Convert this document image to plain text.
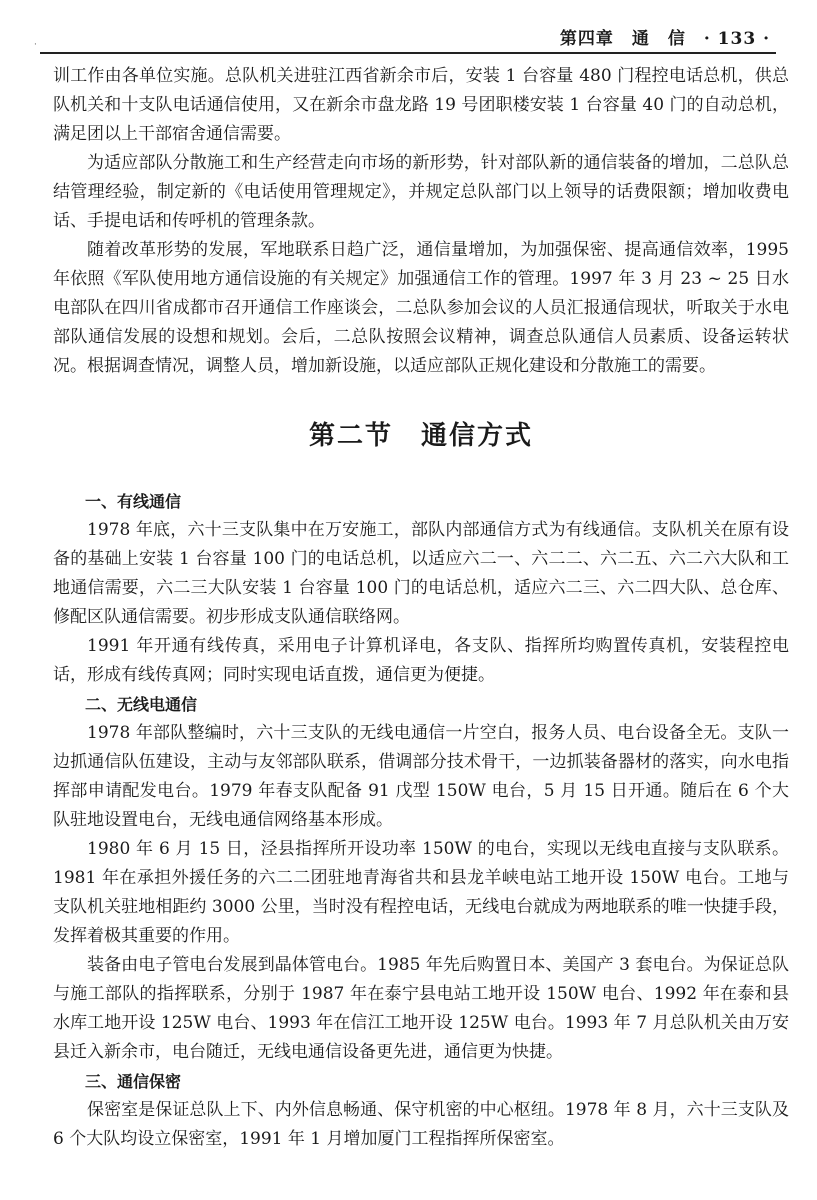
·	第四章　通　信　· 133 ·

训工作由各单位实施。总队机关进驻江西省新余市后，安装 1 台容量 480 门程控电话总机，供总队机关和十支队电话通信使用，又在新余市盘龙路 19 号团职楼安装 1 台容量 40 门的自动总机，满足团以上干部宿舍通信需要。

为适应部队分散施工和生产经营走向市场的新形势，针对部队新的通信装备的增加，二总队总结管理经验，制定新的《电话使用管理规定》，并规定总队部门以上领导的话费限额；增加收费电话、手提电话和传呼机的管理条款。

随着改革形势的发展，军地联系日趋广泛，通信量增加，为加强保密、提高通信效率，1995 年依照《军队使用地方通信设施的有关规定》加强通信工作的管理。1997 年 3 月 23 ~ 25 日水电部队在四川省成都市召开通信工作座谈会，二总队参加会议的人员汇报通信现状，听取关于水电部队通信发展的设想和规划。会后，二总队按照会议精神，调查总队通信人员素质、设备运转状况。根据调查情况，调整人员，增加新设施，以适应部队正规化建设和分散施工的需要。

第二节　通信方式
一、有线通信

1978 年底，六十三支队集中在万安施工，部队内部通信方式为有线通信。支队机关在原有设备的基础上安装 1 台容量 100 门的电话总机，以适应六二一、六二二、六二五、六二六大队和工地通信需要，六二三大队安装 1 台容量 100 门的电话总机，适应六二三、六二四大队、总仓库、修配区队通信需要。初步形成支队通信联络网。

1991 年开通有线传真，采用电子计算机译电，各支队、指挥所均购置传真机，安装程控电话，形成有线传真网；同时实现电话直拨，通信更为便捷。

二、无线电通信

1978 年部队整编时，六十三支队的无线电通信一片空白，报务人员、电台设备全无。支队一边抓通信队伍建设，主动与友邻部队联系，借调部分技术骨干，一边抓装备器材的落实，向水电指挥部申请配发电台。1979 年春支队配备 91 戊型 150W 电台，5 月 15 日开通。随后在 6 个大队驻地设置电台，无线电通信网络基本形成。

1980 年 6 月 15 日，泾县指挥所开设功率 150W 的电台，实现以无线电直接与支队联系。1981 年在承担外援任务的六二二团驻地青海省共和县龙羊峡电站工地开设 150W 电台。工地与支队机关驻地相距约 3000 公里，当时没有程控电话，无线电台就成为两地联系的唯一快捷手段，发挥着极其重要的作用。

装备由电子管电台发展到晶体管电台。1985 年先后购置日本、美国产 3 套电台。为保证总队与施工部队的指挥联系，分别于 1987 年在泰宁县电站工地开设 150W 电台、1992 年在泰和县水库工地开设 125W 电台、1993 年在信江工地开设 125W 电台。1993 年 7 月总队机关由万安县迁入新余市，电台随迁，无线电通信设备更先进，通信更为快捷。

三、通信保密

保密室是保证总队上下、内外信息畅通、保守机密的中心枢纽。1978 年 8 月，六十三支队及 6 个大队均设立保密室，1991 年 1 月增加厦门工程指挥所保密室。
